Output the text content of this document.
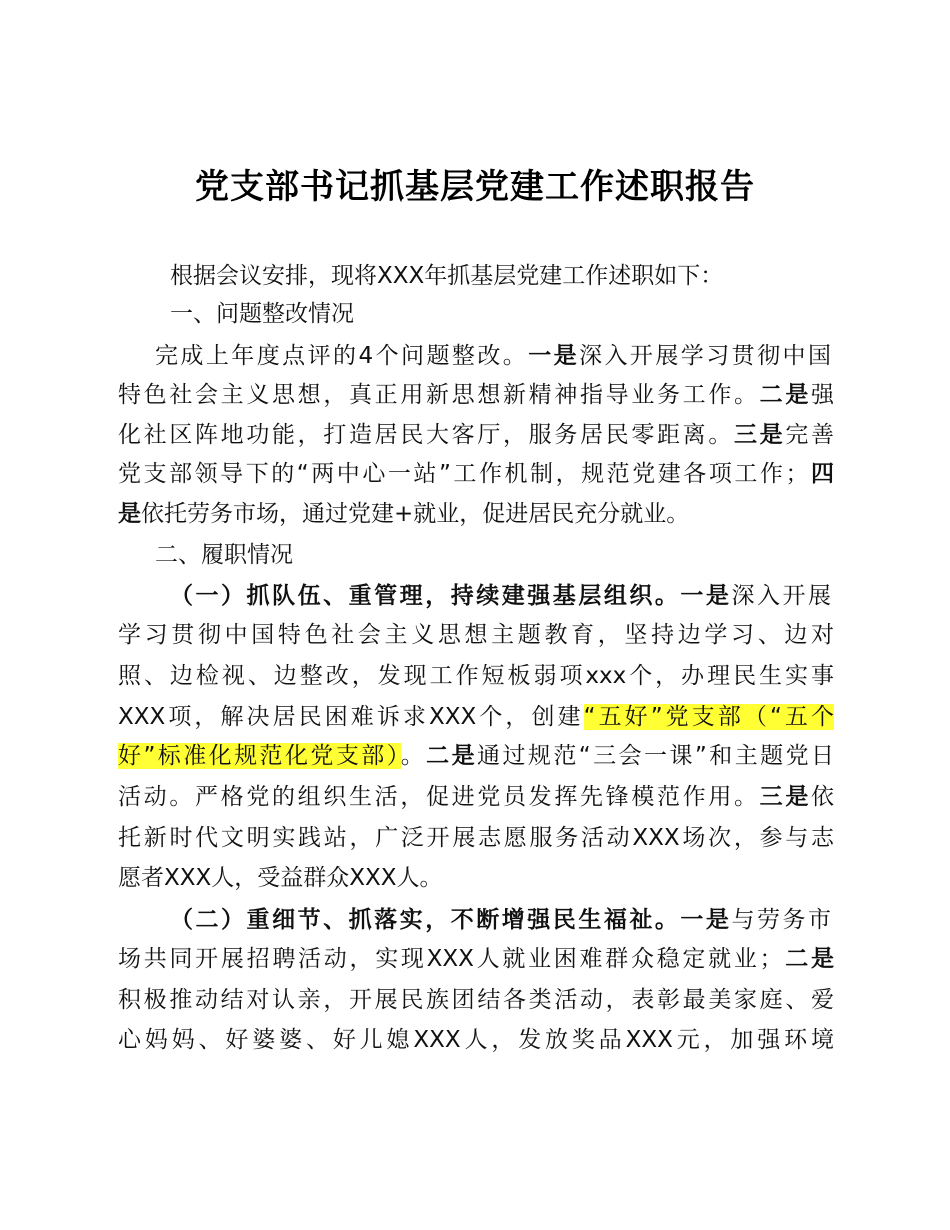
党支部书记抓基层党建工作述职报告
根据会议安排，现将XXX年抓基层党建工作述职如下：
一、问题整改情况
完成上年度点评的4个问题整改。一是深入开展学习贯彻中国
特色社会主义思想，真正用新思想新精神指导业务工作。二是强
化社区阵地功能，打造居民大客厅，服务居民零距离。三是完善
党支部领导下的“两中心一站”工作机制，规范党建各项工作；四
是依托劳务市场，通过党建+就业，促进居民充分就业。
二、履职情况
（一）抓队伍、重管理，持续建强基层组织。一是深入开展
学习贯彻中国特色社会主义思想主题教育，坚持边学习、边对
照、边检视、边整改，发现工作短板弱项xxx个，办理民生实事
XXX项，解决居民困难诉求XXX个，创建“五好”党支部（“五个
好”标准化规范化党支部）。二是通过规范“三会一课”和主题党日
活动。严格党的组织生活，促进党员发挥先锋模范作用。三是依
托新时代文明实践站，广泛开展志愿服务活动XXX场次，参与志
愿者XXX人，受益群众XXX人。
（二）重细节、抓落实，不断增强民生福祉。一是与劳务市
场共同开展招聘活动，实现XXX人就业困难群众稳定就业；二是
积极推动结对认亲，开展民族团结各类活动，表彰最美家庭、爱
心妈妈、好婆婆、好儿媳XXX人，发放奖品XXX元，加强环境
